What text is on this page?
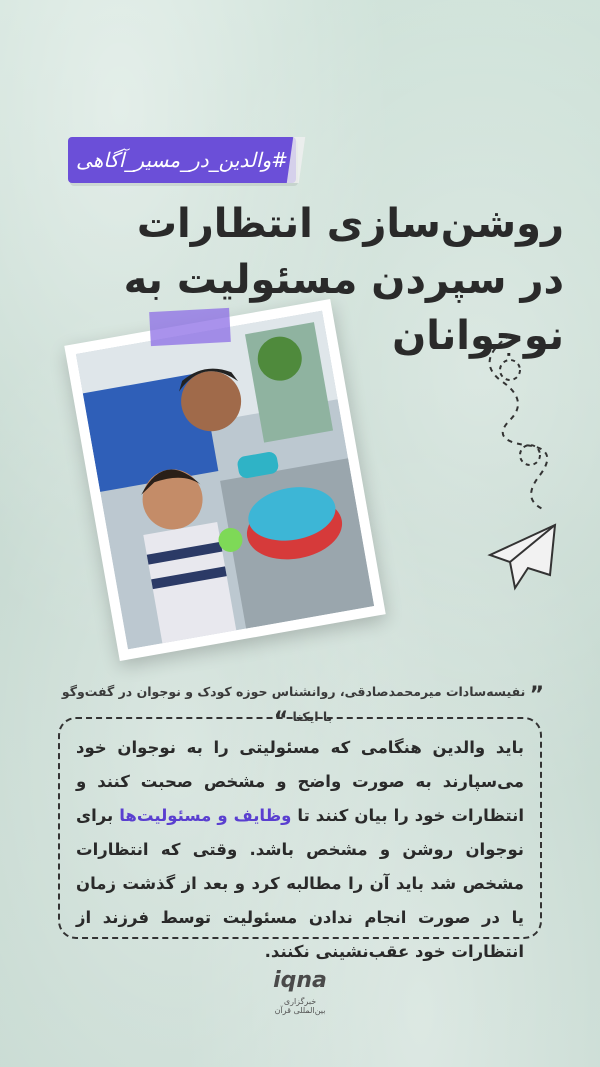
#والدین_در_مسیر_آگاهی
روشن‌سازی انتظارات
در سپردن مسئولیت به نوجوانان
” نفیسه‌سادات میرمحمدصادقی، روانشناس حوزه کودک و نوجوان در گفت‌وگو با ایکنا “
باید والدین هنگامی که مسئولیتی را به نوجوان خود می‌سپارند به صورت واضح و مشخص صحبت کنند و انتظارات خود را بیان کنند تا وظایف و مسئولیت‌ها برای نوجوان روشن و مشخص باشد. وقتی که انتظارات مشخص شد باید آن را مطالبه کرد و بعد از گذشت زمان یا در صورت انجام ندادن مسئولیت توسط فرزند از انتظارات خود عقب‌نشینی نکنند.
iqna
خبرگزاری بین‌المللی قرآن
